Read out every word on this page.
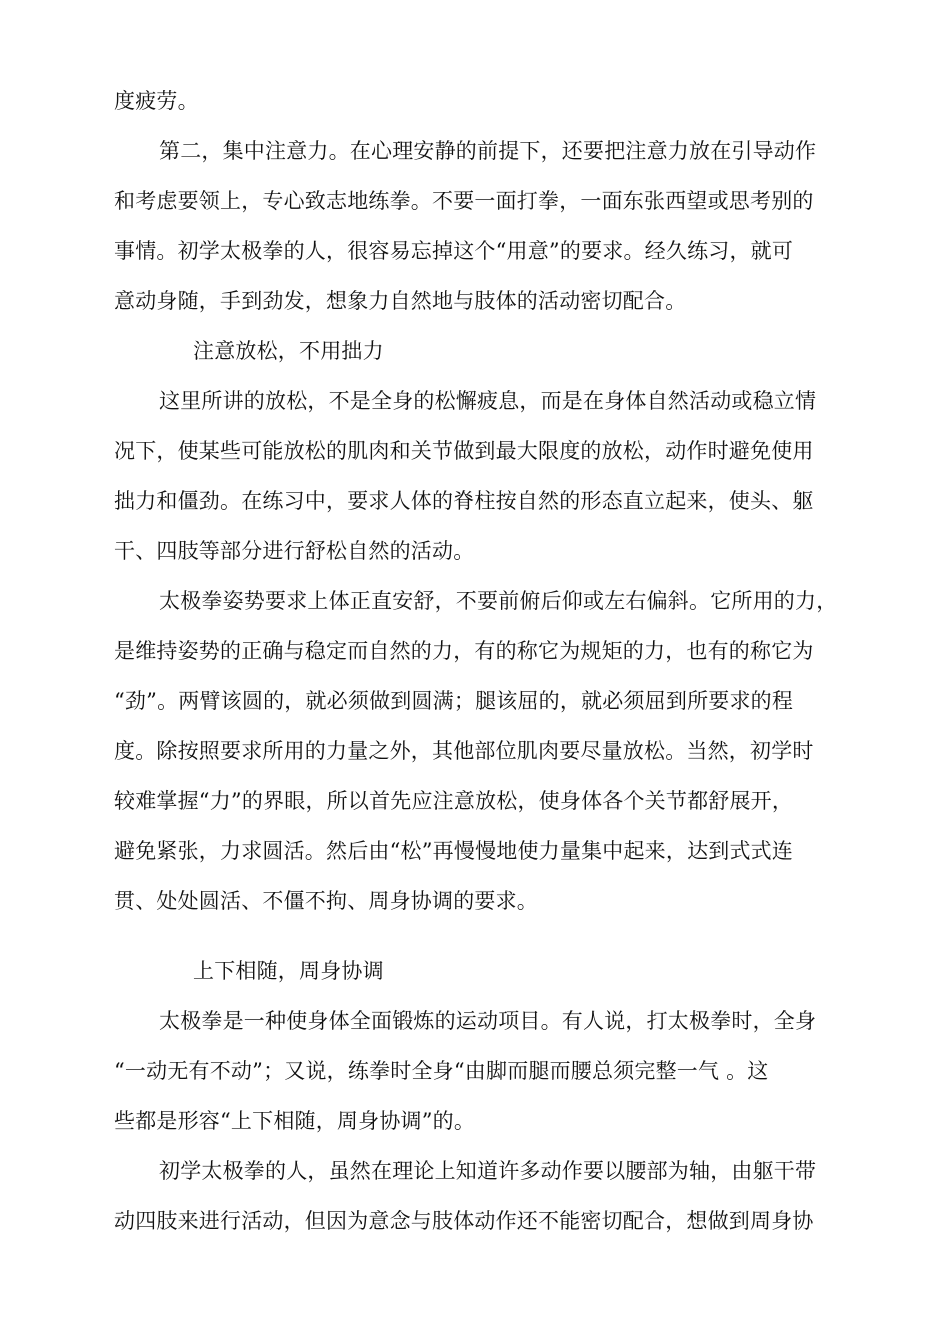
度疲劳。
第二，集中注意力。在心理安静的前提下，还要把注意力放在引导动作
和考虑要领上，专心致志地练拳。不要一面打拳，一面东张西望或思考别的
事情。初学太极拳的人，很容易忘掉这个“用意”的要求。经久练习，就可
意动身随，手到劲发，想象力自然地与肢体的活动密切配合。
注意放松，不用拙力
这里所讲的放松，不是全身的松懈疲息，而是在身体自然活动或稳立情
况下，使某些可能放松的肌肉和关节做到最大限度的放松，动作时避免使用
拙力和僵劲。在练习中，要求人体的脊柱按自然的形态直立起来，使头、躯
干、四肢等部分进行舒松自然的活动。
太极拳姿势要求上体正直安舒，不要前俯后仰或左右偏斜。它所用的力，
是维持姿势的正确与稳定而自然的力，有的称它为规矩的力，也有的称它为
“劲”。两臂该圆的，就必须做到圆满；腿该屈的，就必须屈到所要求的程
度。除按照要求所用的力量之外，其他部位肌肉要尽量放松。当然，初学时
较难掌握“力”的界眼，所以首先应注意放松，使身体各个关节都舒展开，
避免紧张，力求圆活。然后由“松”再慢慢地使力量集中起来，达到式式连
贯、处处圆活、不僵不拘、周身协调的要求。
上下相随，周身协调
太极拳是一种使身体全面锻炼的运动项目。有人说，打太极拳时，全身
“一动无有不动”；又说，练拳时全身“由脚而腿而腰总须完整一气 。这
些都是形容“上下相随，周身协调”的。
初学太极拳的人，虽然在理论上知道许多动作要以腰部为轴，由躯干带
动四肢来进行活动，但因为意念与肢体动作还不能密切配合，想做到周身协
